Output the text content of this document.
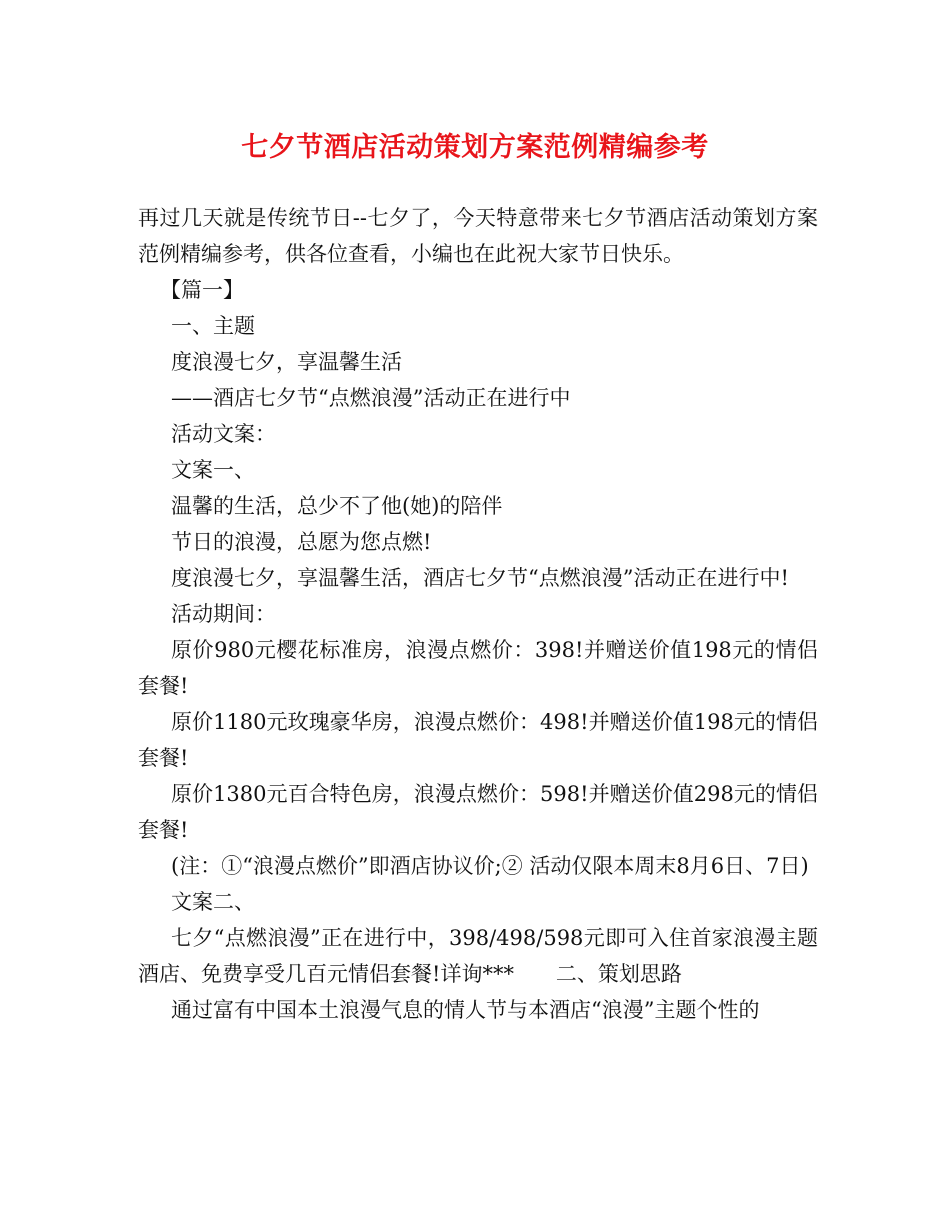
七夕节酒店活动策划方案范例精编参考

再过几天就是传统节日--七夕了，今天特意带来七夕节酒店活动策划方案范例精编参考，供各位查看，小编也在此祝大家节日快乐。

【篇一】

一、主题

度浪漫七夕，享温馨生活

——酒店七夕节“点燃浪漫”活动正在进行中

活动文案：

文案一、

温馨的生活，总少不了他(她)的陪伴

节日的浪漫，总愿为您点燃!

度浪漫七夕，享温馨生活，酒店七夕节“点燃浪漫”活动正在进行中!

活动期间：

原价980元樱花标准房，浪漫点燃价：398!并赠送价值198元的情侣套餐!

原价1180元玫瑰豪华房，浪漫点燃价：498!并赠送价值198元的情侣套餐!

原价1380元百合特色房，浪漫点燃价：598!并赠送价值298元的情侣套餐!

(注：①“浪漫点燃价”即酒店协议价;② 活动仅限本周末8月6日、7日)

文案二、

七夕“点燃浪漫”正在进行中，398/498/598元即可入住首家浪漫主题酒店、免费享受几百元情侣套餐!详询***　　二、策划思路

通过富有中国本土浪漫气息的情人节与本酒店“浪漫”主题个性的
